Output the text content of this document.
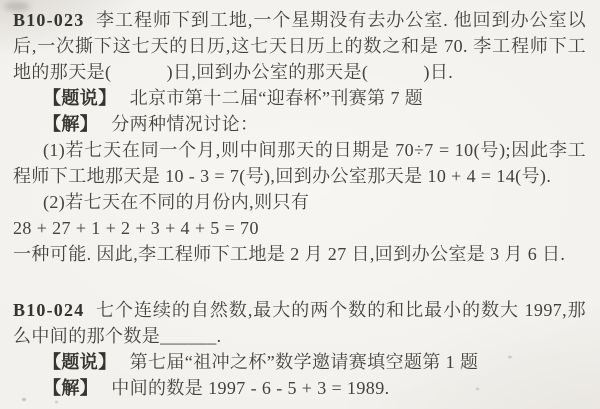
B10-023 李工程师下到工地,一个星期没有去办公室. 他回到办公室以后,一次撕下这七天的日历,这七天日历上的数之和是 70. 李工程师下工地的那天是(　　　)日,回到办公室的那天是(　　　)日.

【题说】 北京市第十二届“迎春杯”刊赛第 7 题

【解】 分两种情况讨论：

(1)若七天在同一个月,则中间那天的日期是 70÷7 = 10(号);因此李工程师下工地那天是 10 - 3 = 7(号),回到办公室那天是 10 + 4 = 14(号).

(2)若七天在不同的月份内,则只有

28 + 27 + 1 + 2 + 3 + 4 + 5 = 70

一种可能. 因此,李工程师下工地是 2 月 27 日,回到办公室是 3 月 6 日.

B10-024 七个连续的自然数,最大的两个数的和比最小的数大 1997,那么中间的那个数是______.

【题说】 第七届“祖冲之杯”数学邀请赛填空题第 1 题

【解】 中间的数是 1997 - 6 - 5 + 3 = 1989.
